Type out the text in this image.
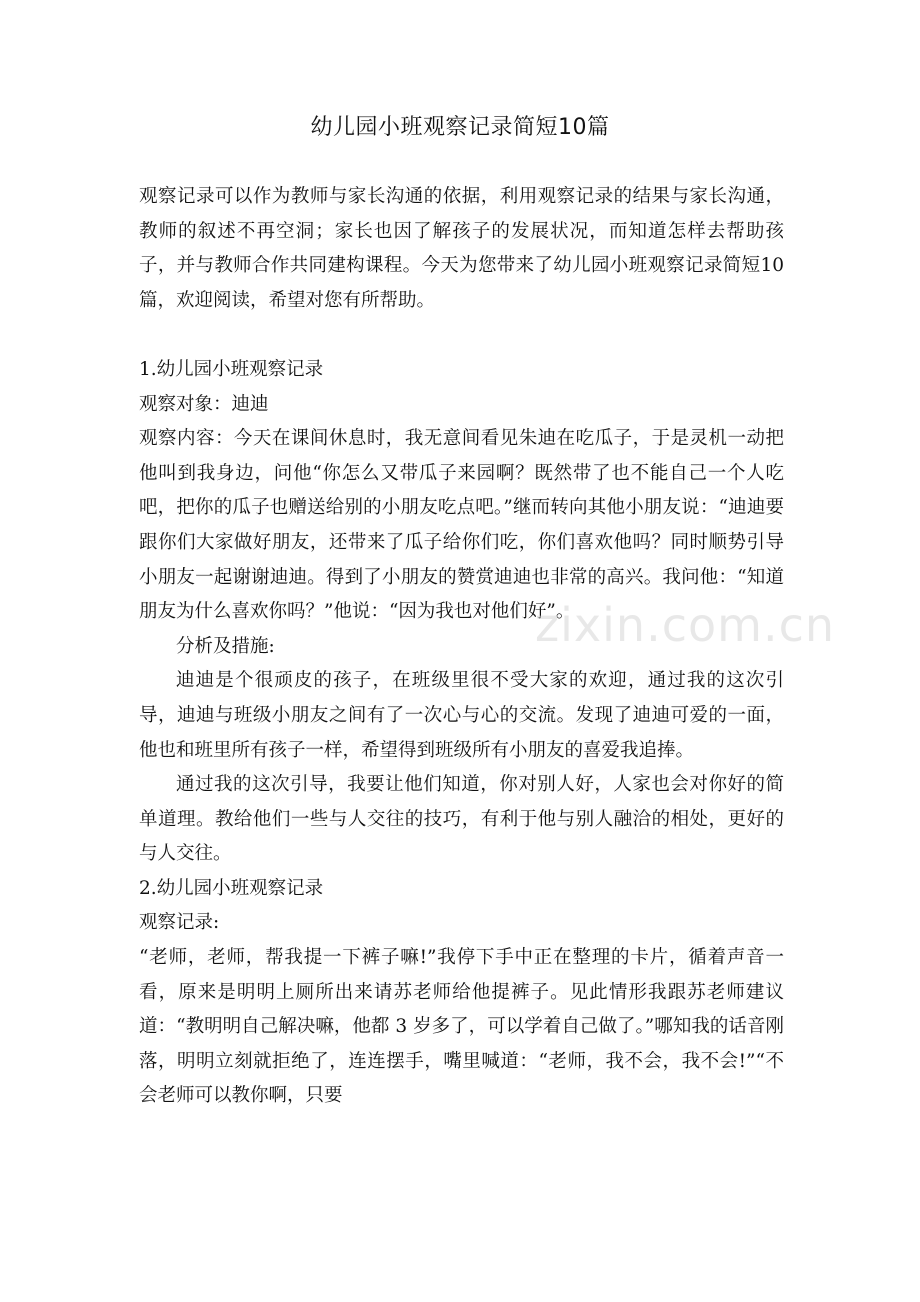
幼儿园小班观察记录简短10篇

观察记录可以作为教师与家长沟通的依据，利用观察记录的结果与家长沟通，教师的叙述不再空洞；家长也因了解孩子的发展状况，而知道怎样去帮助孩子，并与教师合作共同建构课程。今天为您带来了幼儿园小班观察记录简短10篇，欢迎阅读，希望对您有所帮助。

1.幼儿园小班观察记录

观察对象：迪迪

观察内容：今天在课间休息时，我无意间看见朱迪在吃瓜子，于是灵机一动把他叫到我身边，问他“你怎么又带瓜子来园啊？既然带了也不能自己一个人吃吧，把你的瓜子也赠送给别的小朋友吃点吧。”继而转向其他小朋友说：“迪迪要跟你们大家做好朋友，还带来了瓜子给你们吃，你们喜欢他吗？同时顺势引导小朋友一起谢谢迪迪。得到了小朋友的赞赏迪迪也非常的高兴。我问他：“知道朋友为什么喜欢你吗？”他说：“因为我也对他们好”。

分析及措施:

迪迪是个很顽皮的孩子，在班级里很不受大家的欢迎，通过我的这次引导，迪迪与班级小朋友之间有了一次心与心的交流。发现了迪迪可爱的一面，他也和班里所有孩子一样，希望得到班级所有小朋友的喜爱我追捧。

通过我的这次引导，我要让他们知道，你对别人好，人家也会对你好的简单道理。教给他们一些与人交往的技巧，有利于他与别人融洽的相处，更好的与人交往。

2.幼儿园小班观察记录

观察记录:

“老师，老师，帮我提一下裤子嘛!”我停下手中正在整理的卡片，循着声音一看，原来是明明上厕所出来请苏老师给他提裤子。见此情形我跟苏老师建议道：“教明明自己解决嘛，他都 3 岁多了，可以学着自己做了。”哪知我的话音刚落，明明立刻就拒绝了，连连摆手，嘴里喊道：“老师，我不会，我不会!”“不会老师可以教你啊，只要

zixin.com.cn
